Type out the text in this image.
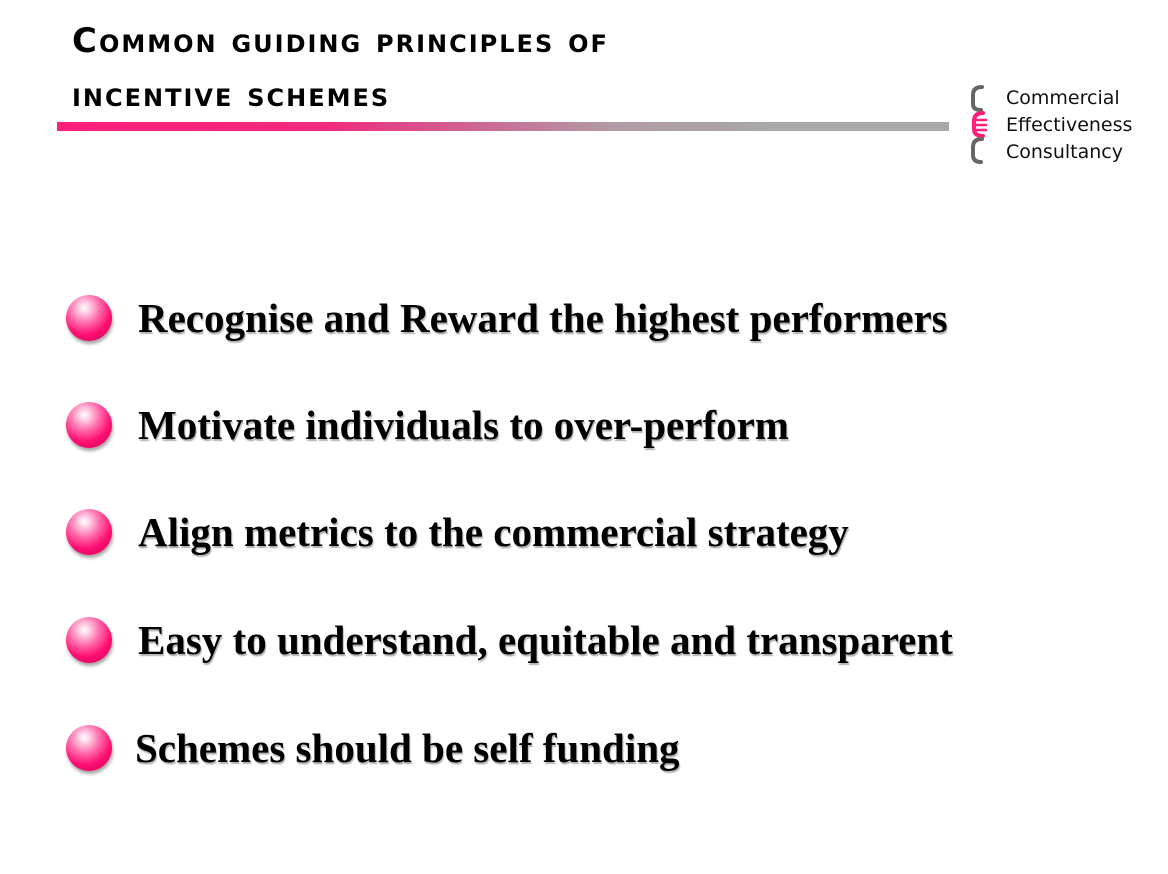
Common guiding principles of
incentive schemes	Commercial
Effectiveness
Consultancy
Recognise and Reward the highest performers
Motivate individuals to over-perform
Align metrics to the commercial strategy
Easy to understand, equitable and transparent
Schemes should be self funding
